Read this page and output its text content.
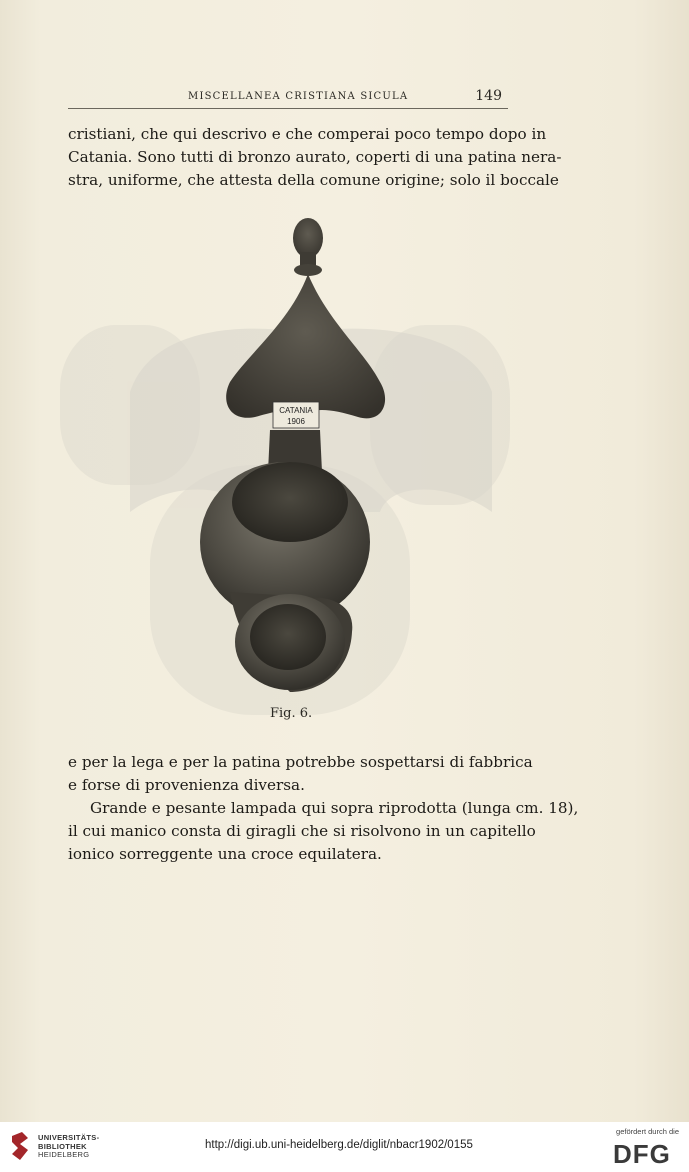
MISCELLANEA CRISTIANA SICULA	149

cristiani, che qui descrivo e che comperai poco tempo dopo in
Catania. Sono tutti di bronzo aurato, coperti di una patina nera-
stra, uniforme, che attesta della comune origine; solo il boccale

CATANIA
1906
Fig. 6.

e per la lega e per la patina potrebbe sospettarsi di fabbrica
e forse di provenienza diversa.

Grande e pesante lampada qui sopra riprodotta (lunga cm. 18),
il cui manico consta di giragli che si risolvono in un capitello
ionico sorreggente una croce equilatera.

UNIVERSITÄTS-
BIBLIOTHEK
HEIDELBERG
http://digi.ub.uni-heidelberg.de/diglit/nbacr1902/0155
gefördert durch die
DFG
